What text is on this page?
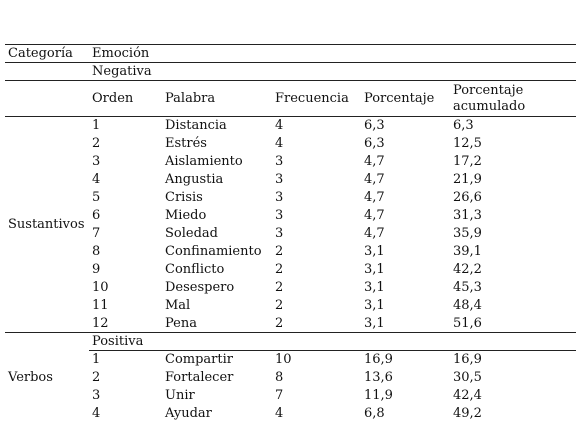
Categoría	Emoción				
	Negativa				
	Orden	Palabra	Frecuencia	Porcentaje	Porcentaje
acumulado
Sustantivos	1	Distancia	4	6,3	6,3
	2	Estrés	4	6,3	12,5
	3	Aislamiento	3	4,7	17,2
	4	Angustia	3	4,7	21,9
	5	Crisis	3	4,7	26,6
	6	Miedo	3	4,7	31,3
	7	Soledad	3	4,7	35,9
	8	Confinamiento	2	3,1	39,1
	9	Conflicto	2	3,1	42,2
	10	Desespero	2	3,1	45,3
	11	Mal	2	3,1	48,4
	12	Pena	2	3,1	51,6
Verbos	Positiva				
	1	Compartir	10	16,9	16,9
	2	Fortalecer	8	13,6	30,5
	3	Unir	7	11,9	42,4
	4	Ayudar	4	6,8	49,2
